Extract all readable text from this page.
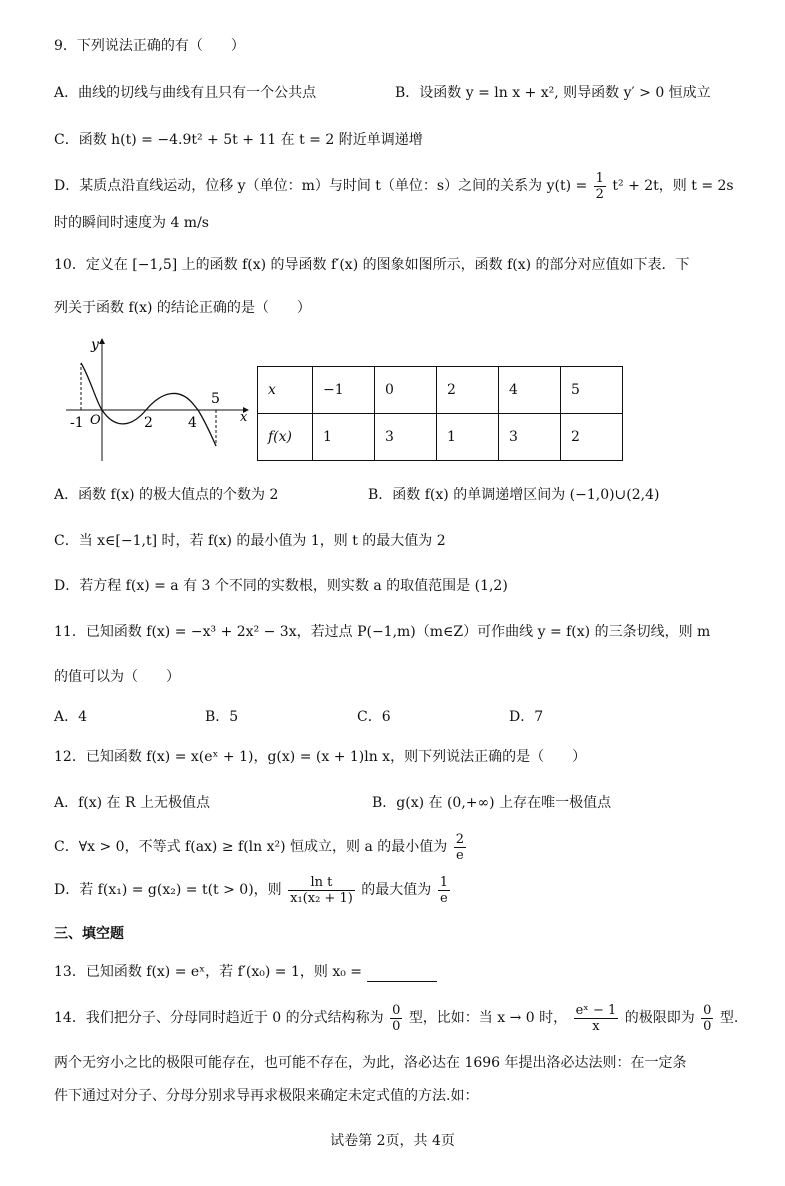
9．下列说法正确的有（　　）
A．曲线的切线与曲线有且只有一个公共点	B．设函数 y = ln x + x², 则导函数 y′ > 0 恒成立
C．函数 h(t) = −4.9t² + 5t + 11 在 t = 2 附近单调递增
D．某质点沿直线运动，位移 y（单位：m）与时间 t（单位：s）之间的关系为 $y(t) = \frac{1}{2} t^2 + 2t$，则 t = 2s
时的瞬间时速度为 4 m/s
10．定义在 [−1,5] 上的函数 f(x) 的导函数 f′(x) 的图象如图所示，函数 f(x) 的部分对应值如下表．下
列关于函数 f(x) 的结论正确的是（　　）
y
x
O
-1	2	4
5
x	−1	0	2	4	5
f(x)	1	3	1	3	2
A．函数 f(x) 的极大值点的个数为 2	B．函数 f(x) 的单调递增区间为 (−1,0)∪(2,4)
C．当 x∈[−1,t] 时，若 f(x) 的最小值为 1，则 t 的最大值为 2
D．若方程 f(x) = a 有 3 个不同的实数根，则实数 a 的取值范围是 (1,2)
11．已知函数 f(x) = −x³ + 2x² − 3x，若过点 P(−1,m)（m∈Z）可作曲线 y = f(x) 的三条切线，则 m
的值可以为（　　）
A．4	B．5	C．6	D．7
12．已知函数 f(x) = x(eˣ + 1)，g(x) = (x + 1)ln x，则下列说法正确的是（　　）
A．f(x) 在 R 上无极值点	B．g(x) 在 (0,+∞) 上存在唯一极值点
C．∀x > 0，不等式 f(ax) ≥ f(ln x²) 恒成立，则 a 的最小值为 $\frac{2}{e}$
D．若 f(x₁) = g(x₂) = t(t > 0)，则 $\frac{\text{ln t}}{\text{x₁(x₂ + 1)}}$ 的最大值为 $\frac{1}{e}$
三、填空题
13．已知函数 f(x) = eˣ，若 f′(x₀) = 1，则 x₀ =
14．我们把分子、分母同时趋近于 0 的分式结构称为 $\frac{0}{0}$ 型，比如：当 x → 0 时， $\frac{\text{eˣ − 1}}{x}$ 的极限即为 $\frac{0}{0}$ 型.
两个无穷小之比的极限可能存在，也可能不存在，为此，洛必达在 1696 年提出洛必达法则：在一定条
件下通过对分子、分母分别求导再求极限来确定未定式值的方法.如：
试卷第 2页，共 4页
